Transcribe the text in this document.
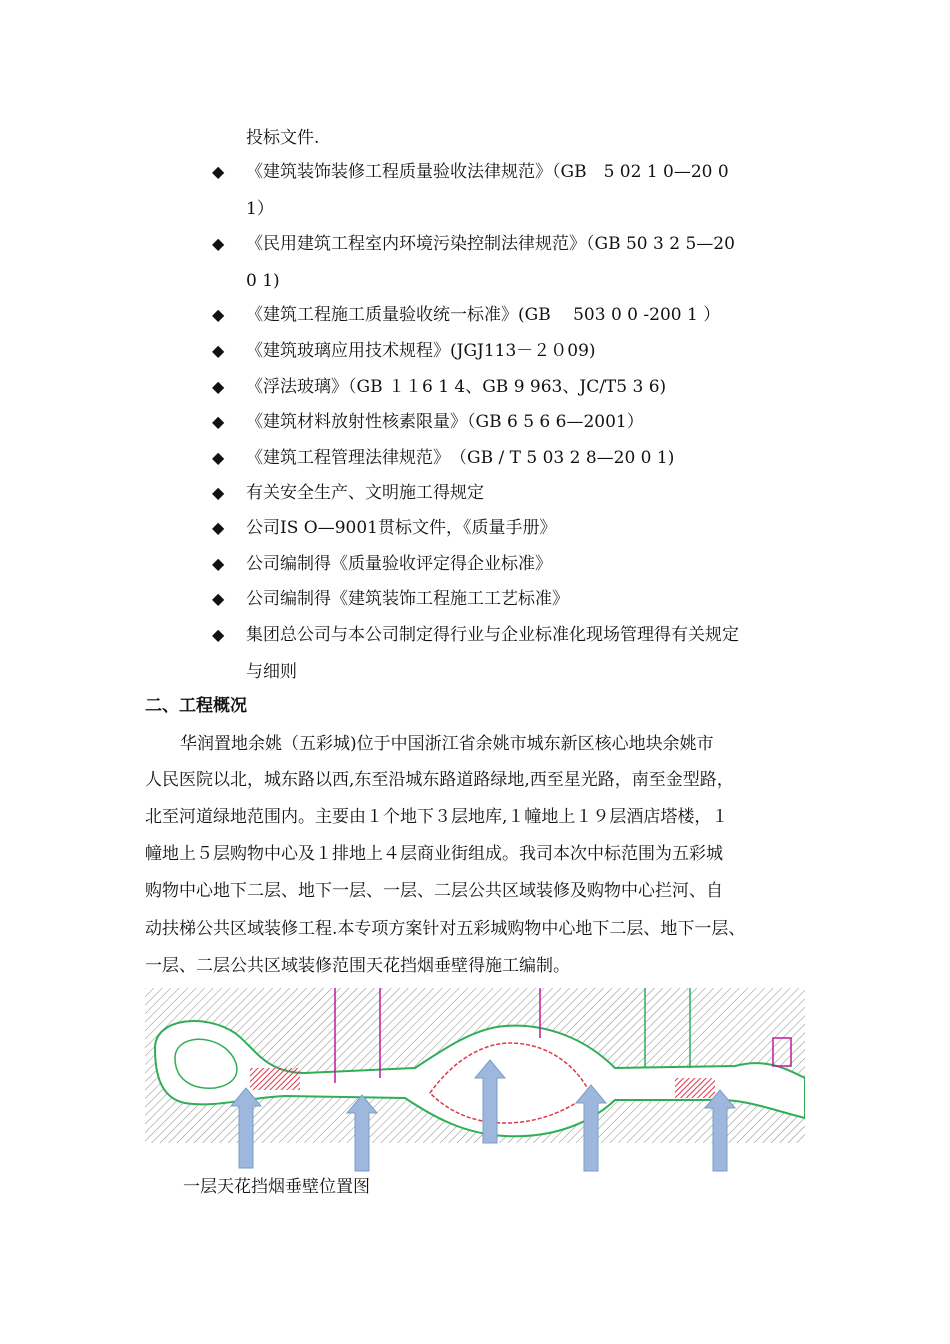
投标文件.
◆
《建筑装饰装修工程质量验收法律规范》（GB　5 02 1 0—20 0
1）
◆
《民用建筑工程室内环境污染控制法律规范》（GB 50 3 2 5—20
0 1)
◆
《建筑工程施工质量验收统一标准》(GB　 503 0 0 -200 1 ）
◆
《建筑玻璃应用技术规程》(JGJ113－２０09)
◆
《浮法玻璃》（GB １１6 1 4、GB 9 963、JC/T5 3 6)
◆
《建筑材料放射性核素限量》（GB 6 5 6 6—2001）
◆
《建筑工程管理法律规范》　（GB / T 5 03 2 8—20 0 1)
◆
有关安全生产、文明施工得规定
◆
公司IS O—9001贯标文件，《质量手册》
◆
公司编制得《质量验收评定得企业标准》
◆
公司编制得《建筑装饰工程施工工艺标准》
◆
集团总公司与本公司制定得行业与企业标准化现场管理得有关规定
与细则
二、工程概况
华润置地余姚（五彩城)位于中国浙江省余姚市城东新区核心地块余姚市
人民医院以北，城东路以西,东至沿城东路道路绿地,西至星光路，南至金型路，
北至河道绿地范围内。主要由１个地下３层地库,１幢地上１９层酒店塔楼，１
幢地上５层购物中心及１排地上４层商业街组成。我司本次中标范围为五彩城
购物中心地下二层、地下一层、一层、二层公共区域装修及购物中心拦河、自
动扶梯公共区域装修工程.本专项方案针对五彩城购物中心地下二层、地下一层、
一层、二层公共区域装修范围天花挡烟垂壁得施工编制。
一层天花挡烟垂壁位置图
